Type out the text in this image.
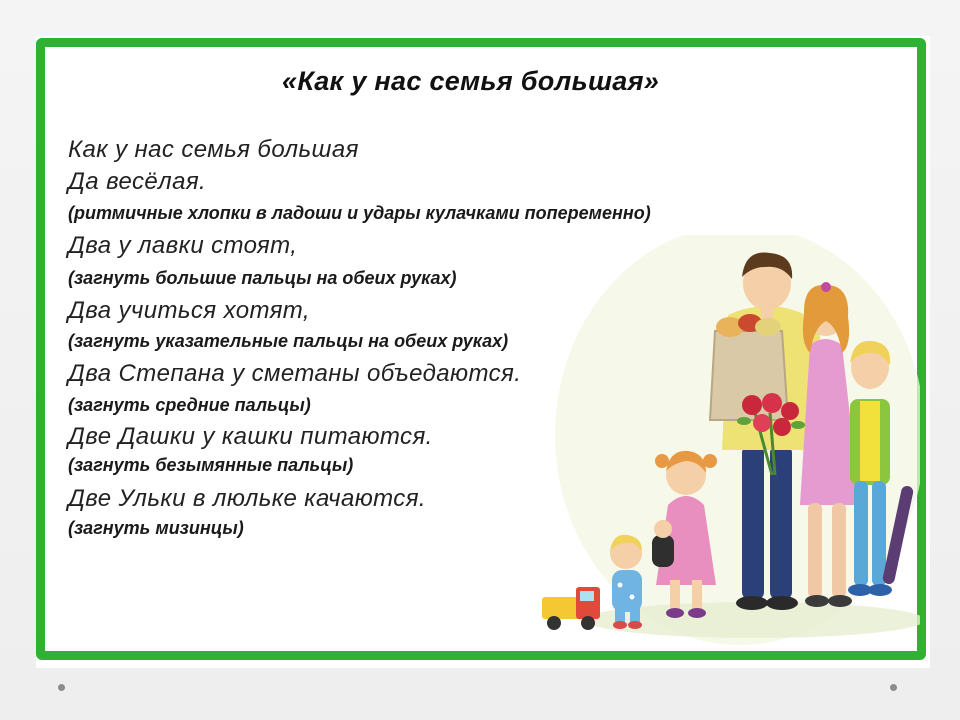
«Как у нас семья большая»

Как у нас семья большая

Да весёлая.

(ритмичные хлопки в ладоши и удары кулачками попеременно)

Два у лавки стоят,

(загнуть большие пальцы на обеих руках)

Два учиться хотят,

(загнуть указательные пальцы на обеих руках)

Два Степана у сметаны объедаются.

(загнуть средние пальцы)

Две Дашки у кашки питаются.

(загнуть безымянные пальцы)

Две Ульки в люльке качаются.

(загнуть мизинцы)
